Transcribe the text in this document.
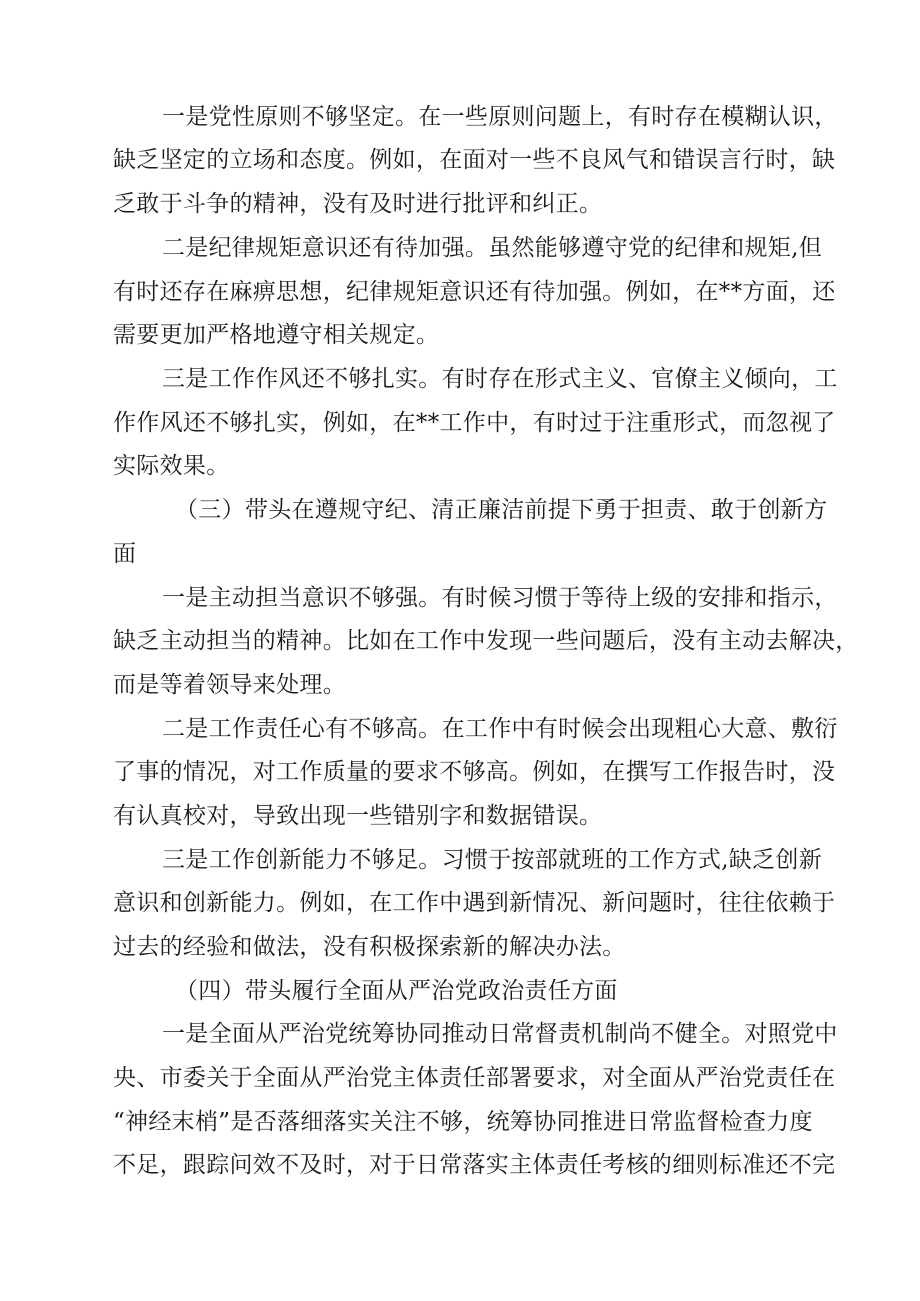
一是党性原则不够坚定。在一些原则问题上，有时存在模糊认识，
缺乏坚定的立场和态度。例如，在面对一些不良风气和错误言行时，缺
乏敢于斗争的精神，没有及时进行批评和纠正。
二是纪律规矩意识还有待加强。虽然能够遵守党的纪律和规矩,但
有时还存在麻痹思想，纪律规矩意识还有待加强。例如，在**方面，还
需要更加严格地遵守相关规定。
三是工作作风还不够扎实。有时存在形式主义、官僚主义倾向，工
作作风还不够扎实，例如，在**工作中，有时过于注重形式，而忽视了
实际效果。
（三）带头在遵规守纪、清正廉洁前提下勇于担责、敢于创新方
面
一是主动担当意识不够强。有时候习惯于等待上级的安排和指示，
缺乏主动担当的精神。比如在工作中发现一些问题后，没有主动去解决，
而是等着领导来处理。
二是工作责任心有不够高。在工作中有时候会出现粗心大意、敷衍
了事的情况，对工作质量的要求不够高。例如，在撰写工作报告时，没
有认真校对，导致出现一些错别字和数据错误。
三是工作创新能力不够足。习惯于按部就班的工作方式,缺乏创新
意识和创新能力。例如，在工作中遇到新情况、新问题时，往往依赖于
过去的经验和做法，没有积极探索新的解决办法。
（四）带头履行全面从严治党政治责任方面
一是全面从严治党统筹协同推动日常督责机制尚不健全。对照党中
央、市委关于全面从严治党主体责任部署要求，对全面从严治党责任在
“神经末梢”是否落细落实关注不够，统筹协同推进日常监督检查力度
不足，跟踪问效不及时，对于日常落实主体责任考核的细则标准还不完
